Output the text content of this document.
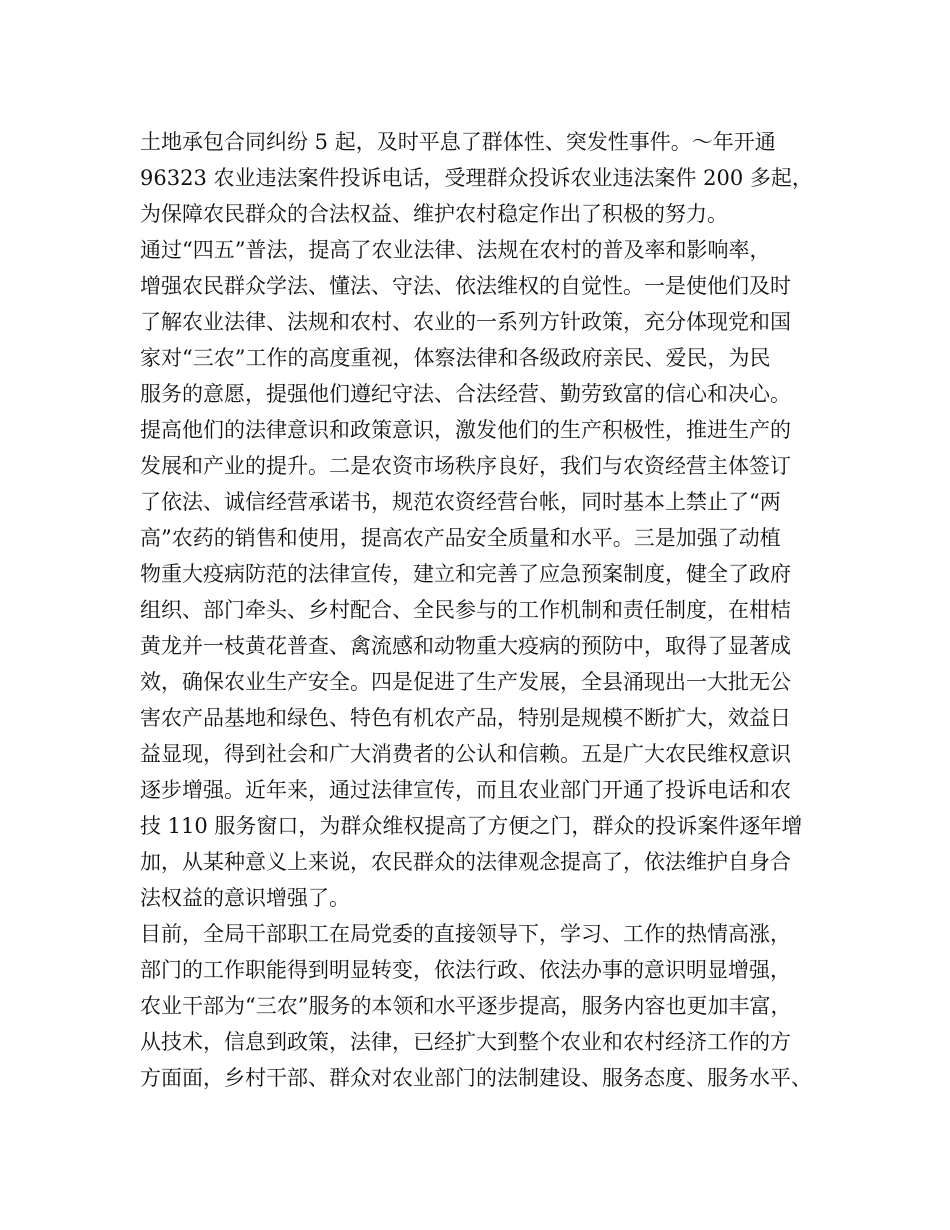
土地承包合同纠纷 5 起，及时平息了群体性、突发性事件。～年开通
96323 农业违法案件投诉电话，受理群众投诉农业违法案件 200 多起，
为保障农民群众的合法权益、维护农村稳定作出了积极的努力。
通过“四五”普法，提高了农业法律、法规在农村的普及率和影响率，
增强农民群众学法、懂法、守法、依法维权的自觉性。一是使他们及时
了解农业法律、法规和农村、农业的一系列方针政策，充分体现党和国
家对“三农”工作的高度重视，体察法律和各级政府亲民、爱民，为民
服务的意愿，提强他们遵纪守法、合法经营、勤劳致富的信心和决心。
提高他们的法律意识和政策意识，激发他们的生产积极性，推进生产的
发展和产业的提升。二是农资市场秩序良好，我们与农资经营主体签订
了依法、诚信经营承诺书，规范农资经营台帐，同时基本上禁止了“两
高”农药的销售和使用，提高农产品安全质量和水平。三是加强了动植
物重大疫病防范的法律宣传，建立和完善了应急预案制度，健全了政府
组织、部门牵头、乡村配合、全民参与的工作机制和责任制度，在柑桔
黄龙并一枝黄花普查、禽流感和动物重大疫病的预防中，取得了显著成
效，确保农业生产安全。四是促进了生产发展，全县涌现出一大批无公
害农产品基地和绿色、特色有机农产品，特别是规模不断扩大，效益日
益显现，得到社会和广大消费者的公认和信赖。五是广大农民维权意识
逐步增强。近年来，通过法律宣传，而且农业部门开通了投诉电话和农
技 110 服务窗口，为群众维权提高了方便之门，群众的投诉案件逐年增
加，从某种意义上来说，农民群众的法律观念提高了，依法维护自身合
法权益的意识增强了。
目前，全局干部职工在局党委的直接领导下，学习、工作的热情高涨，
部门的工作职能得到明显转变，依法行政、依法办事的意识明显增强，
农业干部为“三农”服务的本领和水平逐步提高，服务内容也更加丰富，
从技术，信息到政策，法律，已经扩大到整个农业和农村经济工作的方
方面面，乡村干部、群众对农业部门的法制建设、服务态度、服务水平、
